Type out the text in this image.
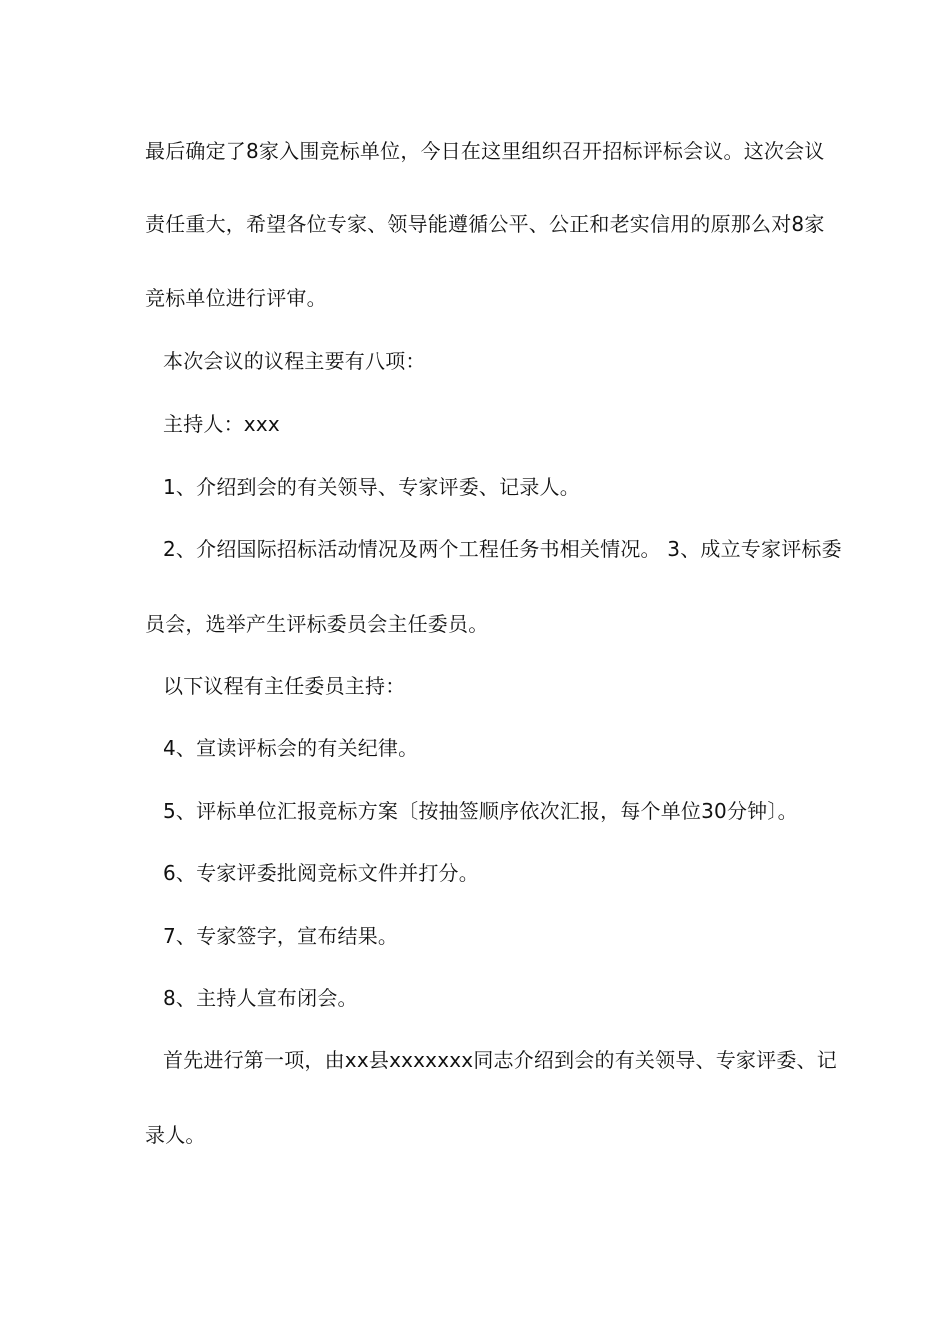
最后确定了8家入围竞标单位，今日在这里组织召开招标评标会议。这次会议
责任重大，希望各位专家、领导能遵循公平、公正和老实信用的原那么对8家
竞标单位进行评审。
本次会议的议程主要有八项：
主持人：xxx
1、介绍到会的有关领导、专家评委、记录人。
2、介绍国际招标活动情况及两个工程任务书相关情况。 3、成立专家评标委
员会，选举产生评标委员会主任委员。
以下议程有主任委员主持：
4、宣读评标会的有关纪律。
5、评标单位汇报竞标方案〔按抽签顺序依次汇报，每个单位30分钟〕。
6、专家评委批阅竞标文件并打分。
7、专家签字，宣布结果。
8、主持人宣布闭会。
首先进行第一项，由xx县xxxxxxx同志介绍到会的有关领导、专家评委、记
录人。
